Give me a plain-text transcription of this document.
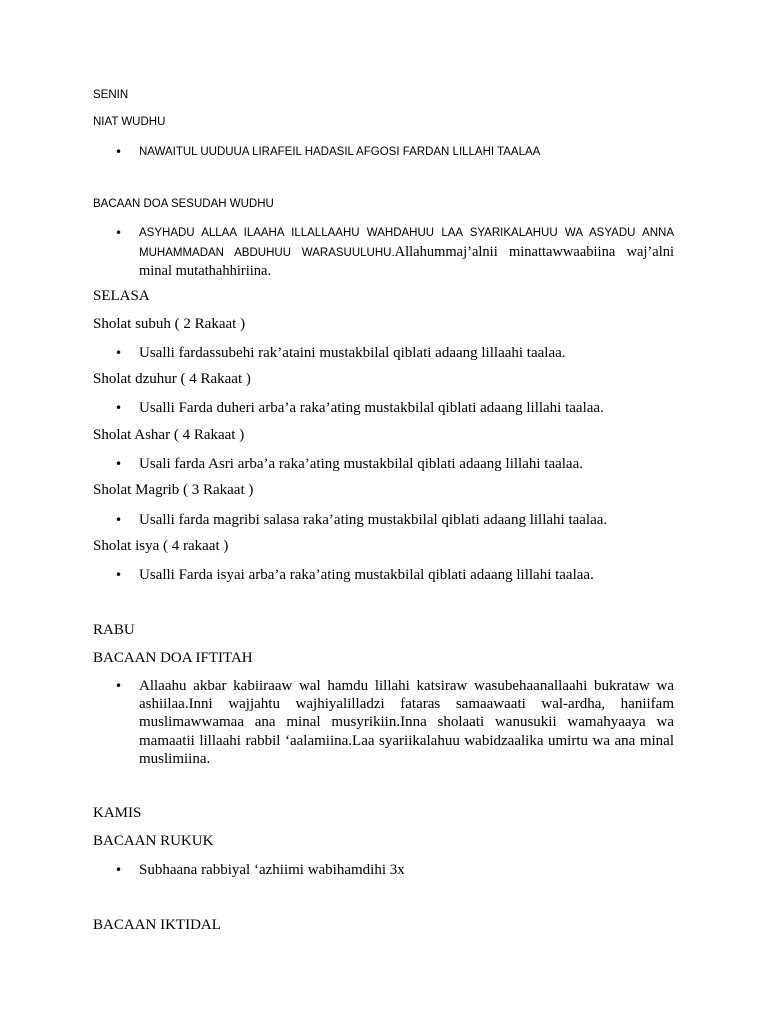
SENIN
NIAT WUDHU
• NAWAITUL UUDUUA LIRAFEIL HADASIL AFGOSI FARDAN LILLAHI TAALAA
BACAAN DOA SESUDAH WUDHU
• ASYHADU ALLAA ILAAHA ILLALLAAHU WAHDAHUU LAA SYARIKALAHUU WA ASYADU ANNA MUHAMMADAN ABDUHUU WARASUULUHU.Allahummaj’alnii minattawwaabiina waj’alni minal mutathahhiriina.
SELASA
Sholat subuh ( 2 Rakaat )
• Usalli fardassubehi rak’ataini mustakbilal qiblati adaang lillaahi taalaa.
Sholat dzuhur ( 4 Rakaat )
• Usalli Farda duheri arba’a raka’ating mustakbilal qiblati adaang lillahi taalaa.
Sholat Ashar ( 4 Rakaat )
• Usali farda Asri arba’a raka’ating mustakbilal qiblati adaang lillahi taalaa.
Sholat Magrib ( 3 Rakaat )
• Usalli farda magribi salasa raka’ating mustakbilal qiblati adaang lillahi taalaa.
Sholat isya ( 4 rakaat )
• Usalli Farda isyai arba’a raka’ating mustakbilal qiblati adaang lillahi taalaa.
RABU
BACAAN DOA IFTITAH
• Allaahu akbar kabiiraaw wal hamdu lillahi katsiraw wasubehaanallaahi bukrataw wa ashiilaa.Inni wajjahtu wajhiyalilladzi fataras samaawaati wal-ardha, haniifam muslimawwamaa ana minal musyrikiin.Inna sholaati wanusukii wamahyaaya wa mamaatii lillaahi rabbil ‘aalamiina.Laa syariikalahuu wabidzaalika umirtu wa ana minal muslimiina.
KAMIS
BACAAN RUKUK
• Subhaana rabbiyal ‘azhiimi wabihamdihi 3x
BACAAN IKTIDAL
